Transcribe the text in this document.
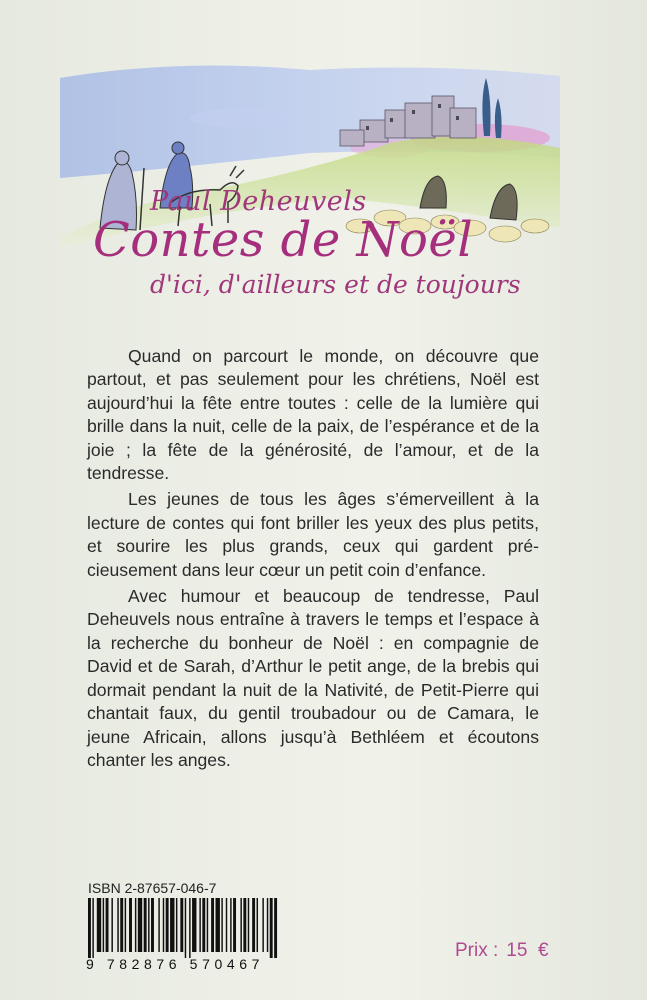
Paul Deheuvels
Contes de Noël
d'ici, d'ailleurs et de toujours

Quand on parcourt le monde, on découvre que partout, et pas seulement pour les chrétiens, Noël est aujourd’hui la fête entre toutes : celle de la lumière qui brille dans la nuit, celle de la paix, de l’espérance et de la joie ; la fête de la générosité, de l’amour, et de la tendresse.

Les jeunes de tous les âges s’émerveillent à la lecture de contes qui font briller les yeux des plus petits, et sourire les plus grands, ceux qui gardent pré-cieusement dans leur cœur un petit coin d’enfance.

Avec humour et beaucoup de tendresse, Paul Deheuvels nous entraîne à travers le temps et l’espace à la recherche du bonheur de Noël : en compagnie de David et de Sarah, d’Arthur le petit ange, de la brebis qui dormait pendant la nuit de la Nativité, de Petit-Pierre qui chantait faux, du gentil troubadour ou de Camara, le jeune Africain, allons jusqu’à Bethléem et écoutons chanter les anges.

ISBN 2-87657-046-7
9 782876 570467
Prix : 15 €
